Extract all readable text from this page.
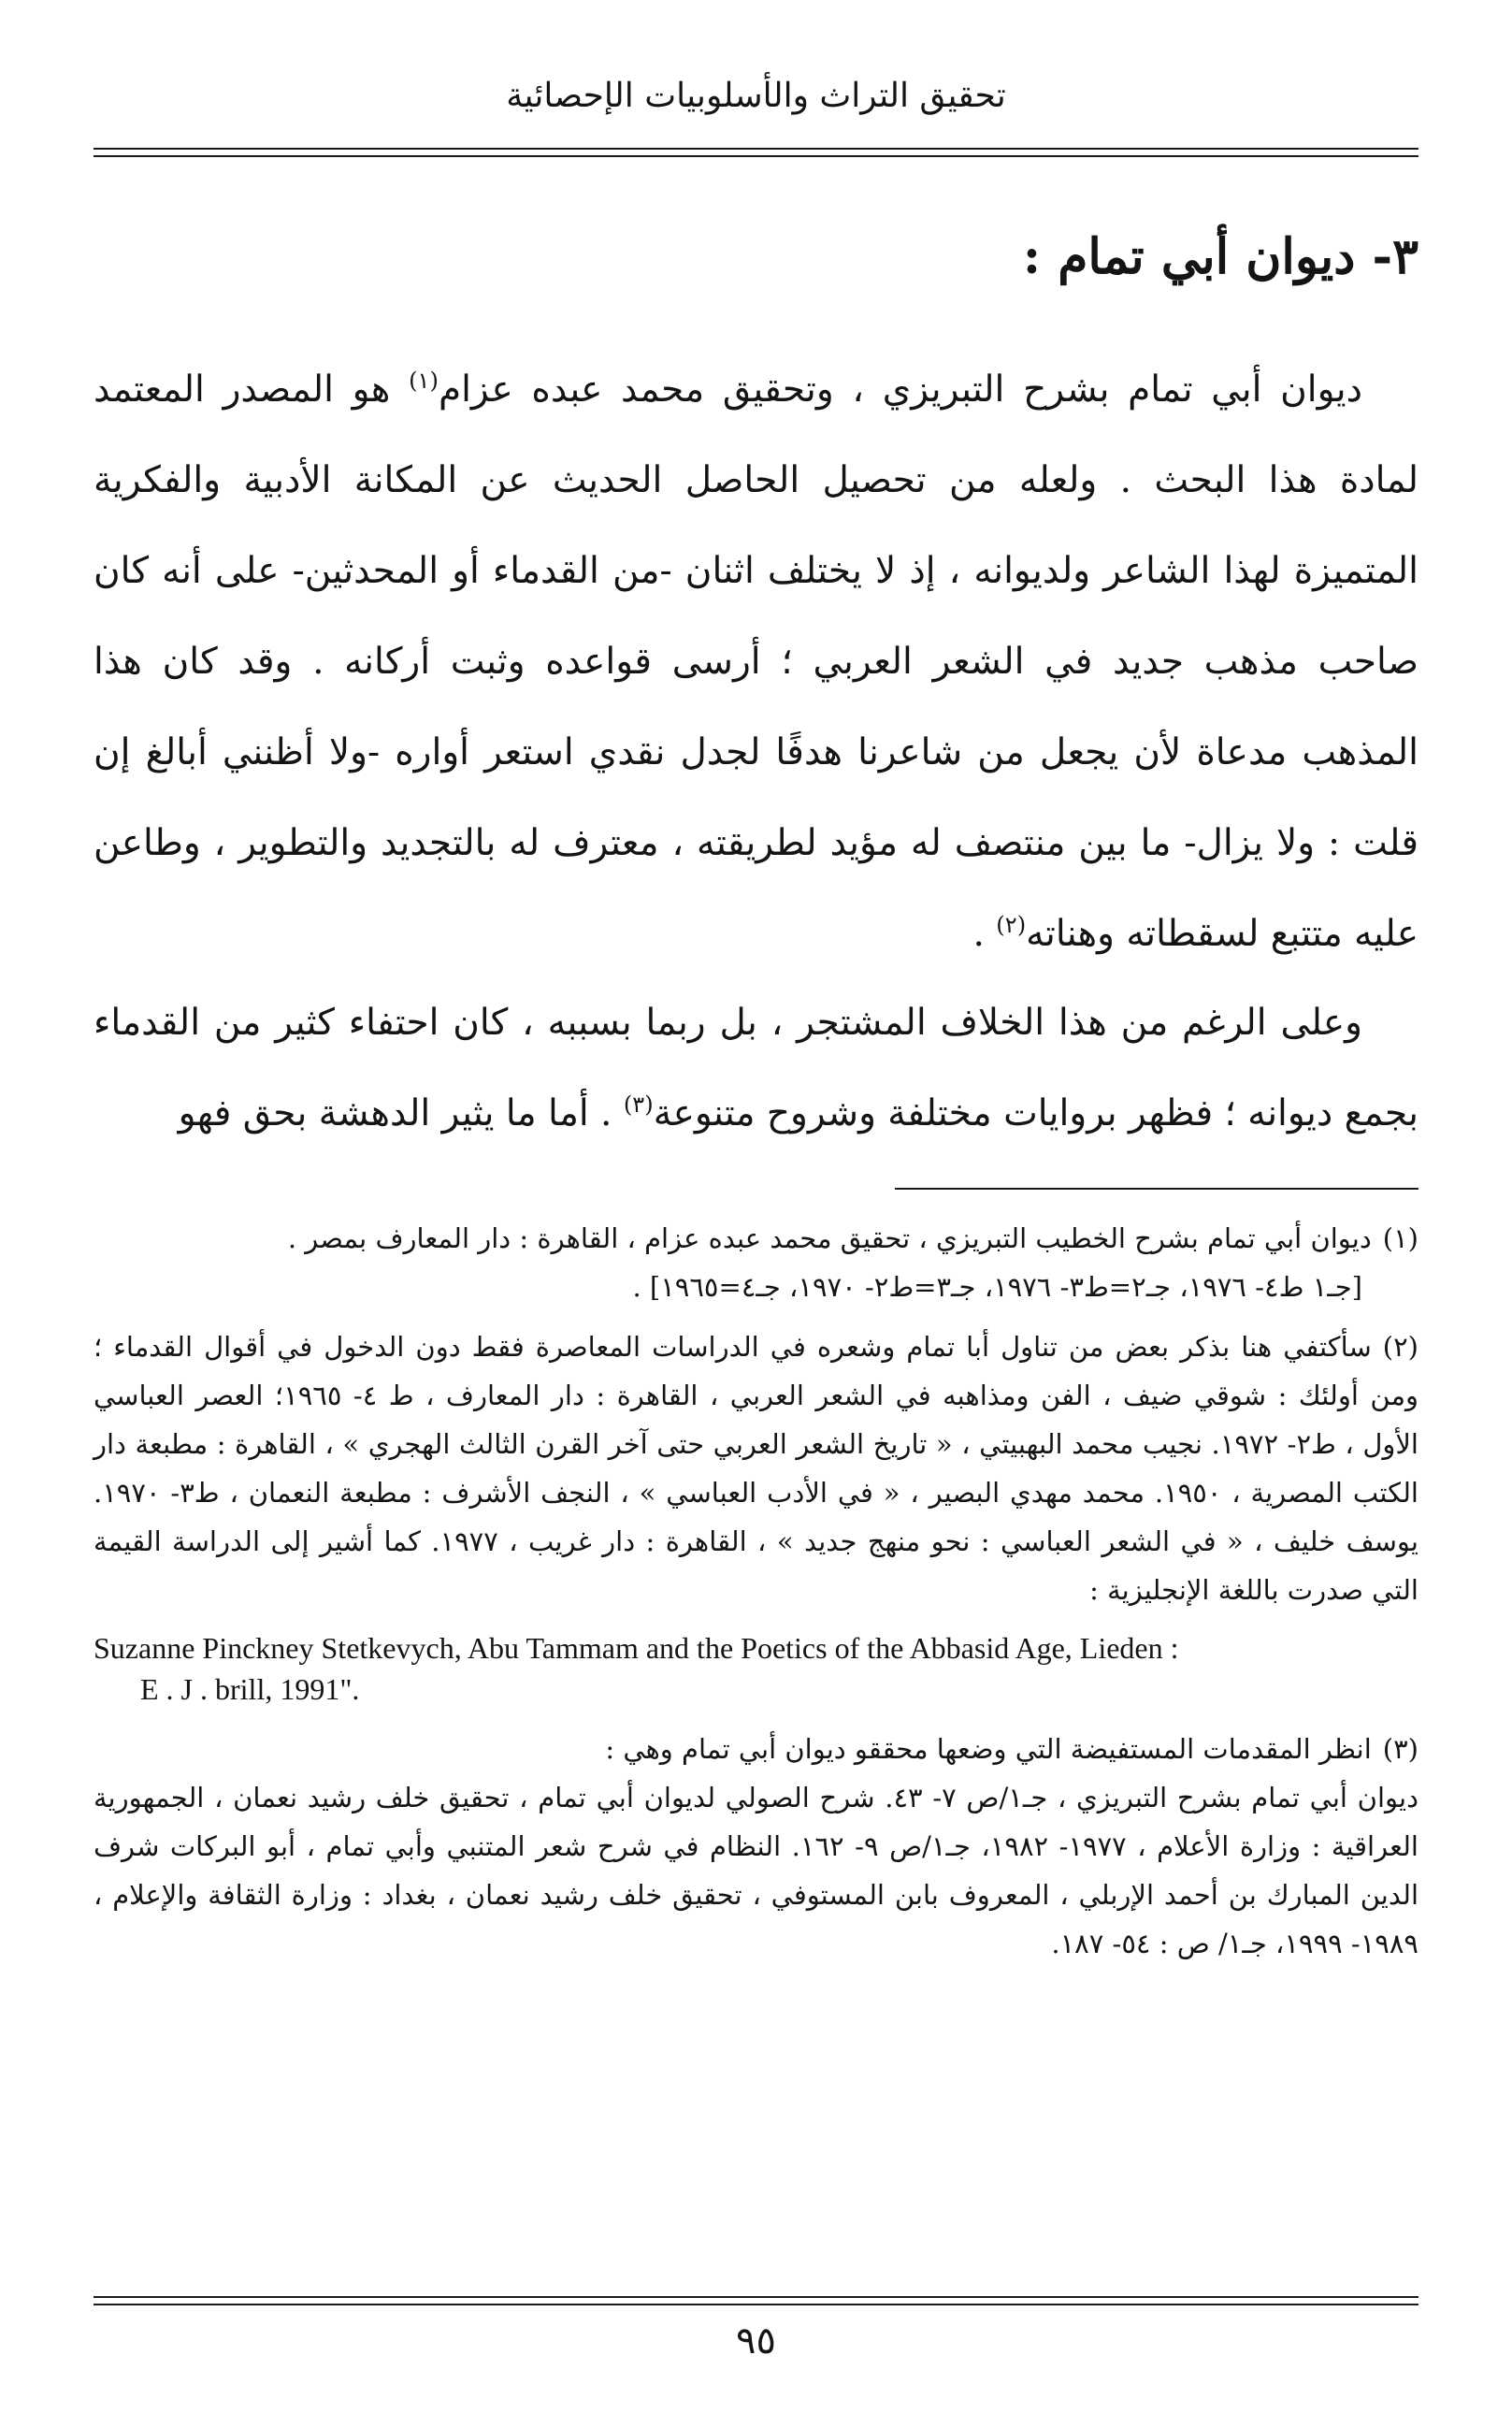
تحقيق التراث والأسلوبيات الإحصائية
٣- ديوان أبي تمام :

ديوان أبي تمام بشرح التبريزي ، وتحقيق محمد عبده عزام$^{(١)}$ هو المصدر المعتمد لمادة هذا البحث . ولعله من تحصيل الحاصل الحديث عن المكانة الأدبية والفكرية المتميزة لهذا الشاعر ولديوانه ، إذ لا يختلف اثنان -من القدماء أو المحدثين- على أنه كان صاحب مذهب جديد في الشعر العربي ؛ أرسى قواعده وثبت أركانه . وقد كان هذا المذهب مدعاة لأن يجعل من شاعرنا هدفًا لجدل نقدي استعر أواره -ولا أظنني أبالغ إن قلت : ولا يزال- ما بين منتصف له مؤيد لطريقته ، معترف له بالتجديد والتطوير ، وطاعن عليه متتبع لسقطاته وهناته$^{(٢)}$ .

وعلى الرغم من هذا الخلاف المشتجر ، بل ربما بسببه ، كان احتفاء كثير من القدماء بجمع ديوانه ؛ فظهر بروايات مختلفة وشروح متنوعة$^{(٣)}$ . أما ما يثير الدهشة بحق فهو

(١)ديوان أبي تمام بشرح الخطيب التبريزي ، تحقيق محمد عبده عزام ، القاهرة : دار المعارف بمصر .
[جـ١ ط٤- ١٩٧٦، جـ٢=ط٣- ١٩٧٦، جـ٣=ط٢- ١٩٧٠، جـ٤=١٩٦٥] .
(٢)سأكتفي هنا بذكر بعض من تناول أبا تمام وشعره في الدراسات المعاصرة فقط دون الدخول في أقوال القدماء ؛ ومن أولئك : شوقي ضيف ، الفن ومذاهبه في الشعر العربي ، القاهرة : دار المعارف ، ط ٤- ١٩٦٥؛ العصر العباسي الأول ، ط٢- ١٩٧٢. نجيب محمد البهبيتي ، « تاريخ الشعر العربي حتى آخر القرن الثالث الهجري » ، القاهرة : مطبعة دار الكتب المصرية ، ١٩٥٠. محمد مهدي البصير ، « في الأدب العباسي » ، النجف الأشرف : مطبعة النعمان ، ط٣- ١٩٧٠. يوسف خليف ، « في الشعر العباسي : نحو منهج جديد » ، القاهرة : دار غريب ، ١٩٧٧. كما أشير إلى الدراسة القيمة التي صدرت باللغة الإنجليزية :
Suzanne Pinckney Stetkevych, Abu Tammam and the Poetics of the Abbasid Age, Lieden :
E . J . brill, 1991".
(٣)انظر المقدمات المستفيضة التي وضعها محققو ديوان أبي تمام وهي :
ديوان أبي تمام بشرح التبريزي ، جـ١/ص ٧- ٤٣. شرح الصولي لديوان أبي تمام ، تحقيق خلف رشيد نعمان ، الجمهورية العراقية : وزارة الأعلام ، ١٩٧٧- ١٩٨٢، جـ١/ص ٩- ١٦٢. النظام في شرح شعر المتنبي وأبي تمام ، أبو البركات شرف الدين المبارك بن أحمد الإربلي ، المعروف بابن المستوفي ، تحقيق خلف رشيد نعمان ، بغداد : وزارة الثقافة والإعلام ، ١٩٨٩- ١٩٩٩، جـ١/ ص : ٥٤- ١٨٧.
٩٥
